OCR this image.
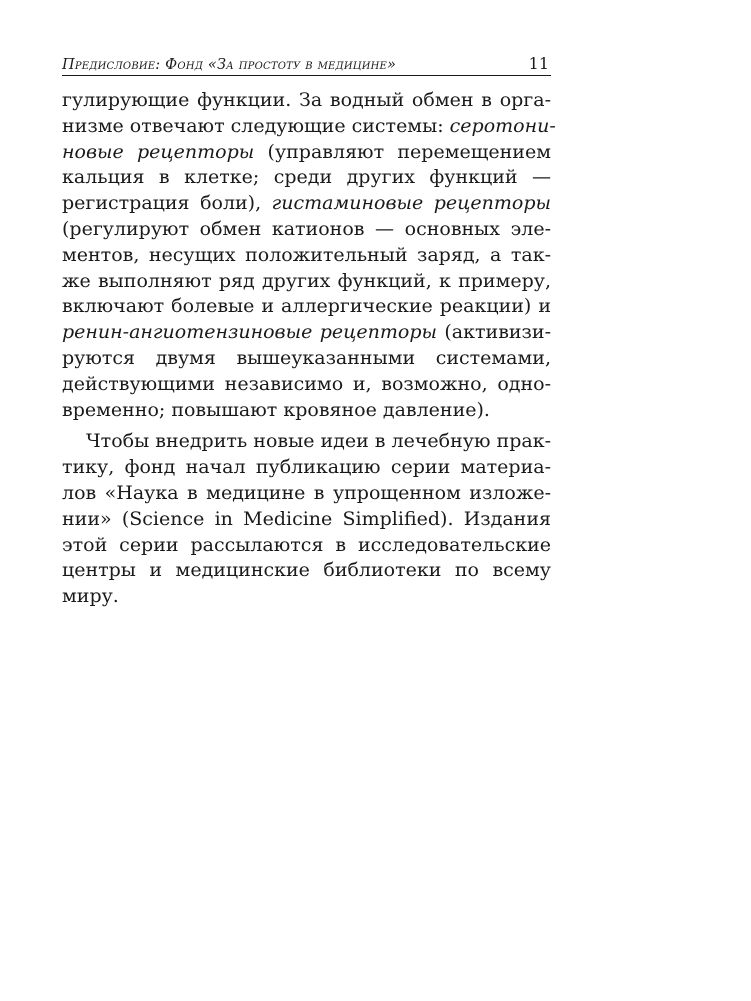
Предисловие: Фонд «За простоту в медицине»	11
гулирующие функции. За водный обмен в орга-
низме отвечают следующие системы: серотони-
новые рецепторы (управляют перемещением
кальция в клетке; среди других функций —
регистрация боли), гистаминовые рецепторы
(регулируют обмен катионов — основных эле-
ментов, несущих положительный заряд, а так-
же выполняют ряд других функций, к примеру,
включают болевые и аллергические реакции) и
ренин-ангиотензиновые рецепторы (активизи-
руются двумя вышеуказанными системами,
действующими независимо и, возможно, одно-
временно; повышают кровяное давление).
Чтобы внедрить новые идеи в лечебную прак-
тику, фонд начал публикацию серии материа-
лов «Наука в медицине в упрощенном изложе-
нии» (Science in Medicine Simplified). Издания
этой серии рассылаются в исследовательские
центры и медицинские библиотеки по всему
миру.
